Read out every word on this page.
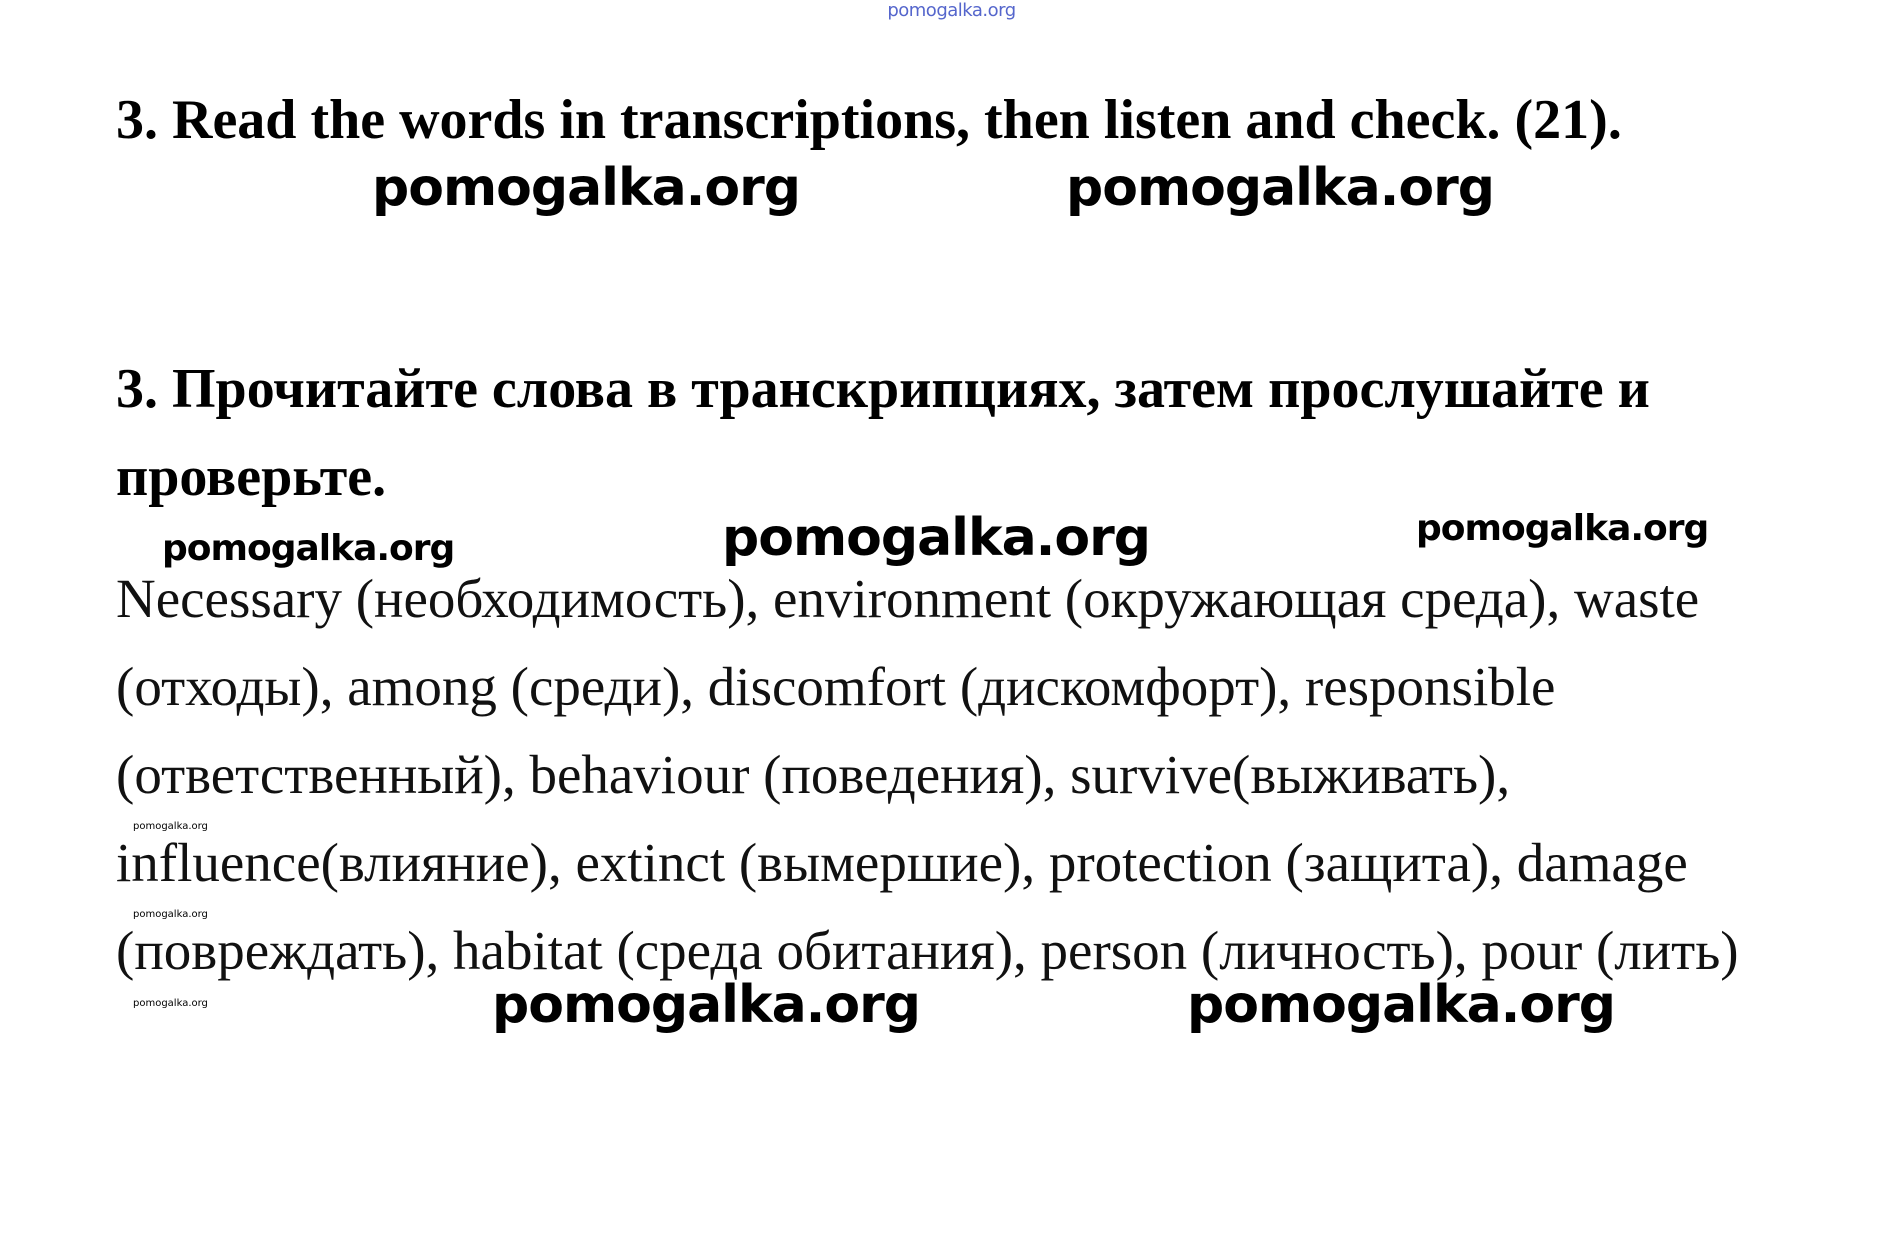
pomogalka.org
3. Read the words in transcriptions, then listen and check. (21).
pomogalka.org	pomogalka.org
3. Прочитайте слова в транскрипциях, затем прослушайте и проверьте.
pomogalka.org	pomogalka.org	pomogalka.org

Necessary (необходимость), environment (окружающая среда), waste (отходы), among (среди), discomfort (дискомфорт), responsible (ответственный), behaviour (поведения), survive(выживать), influence(влияние), extinct (вымершие), protection (защита), damage (повреждать), habitat (среда обитания), person (личность), pour (лить)

pomogalka.org
pomogalka.org
pomogalka.org	pomogalka.org	pomogalka.org
